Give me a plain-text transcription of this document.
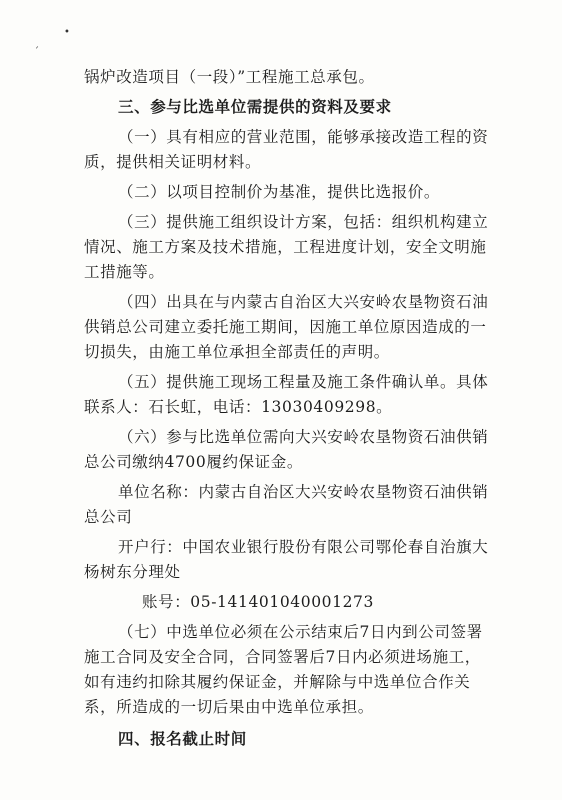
•
ˊ
锅炉改造项目（一段）”工程施工总承包。
三、参与比选单位需提供的资料及要求
（一）具有相应的营业范围，能够承接改造工程的资
质，提供相关证明材料。
（二）以项目控制价为基准，提供比选报价。
（三）提供施工组织设计方案，包括：组织机构建立
情况、施工方案及技术措施，工程进度计划，安全文明施
工措施等。
（四）出具在与内蒙古自治区大兴安岭农垦物资石油
供销总公司建立委托施工期间，因施工单位原因造成的一
切损失，由施工单位承担全部责任的声明。
（五）提供施工现场工程量及施工条件确认单。具体
联系人：石长虹，电话：13030409298。
（六）参与比选单位需向大兴安岭农垦物资石油供销
总公司缴纳4700履约保证金。
单位名称：内蒙古自治区大兴安岭农垦物资石油供销
总公司
开户行：中国农业银行股份有限公司鄂伦春自治旗大
杨树东分理处
账号：05-141401040001273
（七）中选单位必须在公示结束后7日内到公司签署
施工合同及安全合同，合同签署后7日内必须进场施工，
如有违约扣除其履约保证金，并解除与中选单位合作关
系，所造成的一切后果由中选单位承担。
四、报名截止时间
